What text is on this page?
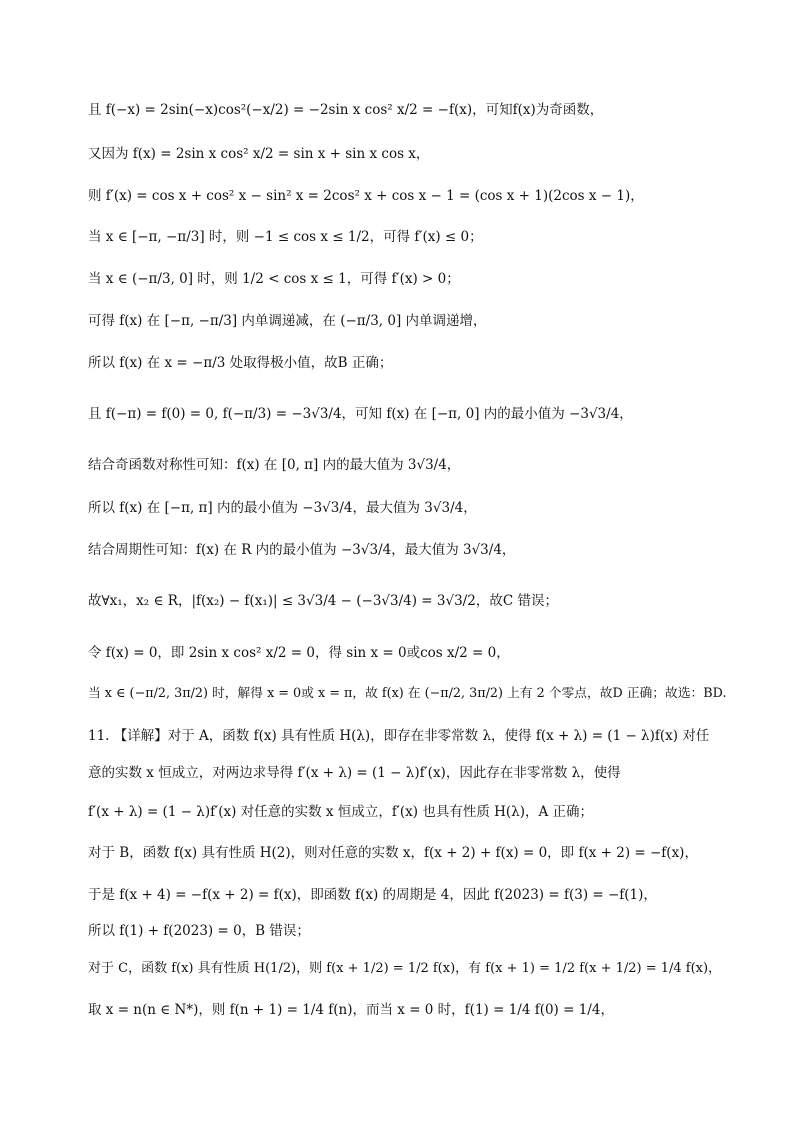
且 f(−x) = 2sin(−x)cos²(−x/2) = −2sin x cos² x/2 = −f(x)，可知f(x)为奇函数，
又因为 f(x) = 2sin x cos² x/2 = sin x + sin x cos x，
则 f′(x) = cos x + cos² x − sin² x = 2cos² x + cos x − 1 = (cos x + 1)(2cos x − 1)，
当 x ∈ [−π, −π/3] 时，则 −1 ≤ cos x ≤ 1/2，可得 f′(x) ≤ 0；
当 x ∈ (−π/3, 0] 时，则 1/2 < cos x ≤ 1，可得 f′(x) > 0；
可得 f(x) 在 [−π, −π/3] 内单调递减，在 (−π/3, 0] 内单调递增，
所以 f(x) 在 x = −π/3 处取得极小值，故B 正确；
且 f(−π) = f(0) = 0, f(−π/3) = −3√3/4，可知 f(x) 在 [−π, 0] 内的最小值为 −3√3/4，
结合奇函数对称性可知：f(x) 在 [0, π] 内的最大值为 3√3/4，
所以 f(x) 在 [−π, π] 内的最小值为 −3√3/4，最大值为 3√3/4，
结合周期性可知：f(x) 在 R 内的最小值为 −3√3/4，最大值为 3√3/4，
故∀x₁，x₂ ∈ R，|f(x₂) − f(x₁)| ≤ 3√3/4 − (−3√3/4) = 3√3/2，故C 错误；
令 f(x) = 0，即 2sin x cos² x/2 = 0，得 sin x = 0或cos x/2 = 0，
当 x ∈ (−π/2, 3π/2) 时，解得 x = 0或 x = π，故 f(x) 在 (−π/2, 3π/2) 上有 2 个零点，故D 正确；故选：BD.
11. 【详解】对于 A，函数 f(x) 具有性质 H(λ)，即存在非零常数 λ，使得 f(x + λ) = (1 − λ)f(x) 对任
意的实数 x 恒成立，对两边求导得 f′(x + λ) = (1 − λ)f′(x)，因此存在非零常数 λ，使得
f′(x + λ) = (1 − λ)f′(x) 对任意的实数 x 恒成立，f′(x) 也具有性质 H(λ)，A 正确；
对于 B，函数 f(x) 具有性质 H(2)，则对任意的实数 x，f(x + 2) + f(x) = 0，即 f(x + 2) = −f(x)，
于是 f(x + 4) = −f(x + 2) = f(x)，即函数 f(x) 的周期是 4，因此 f(2023) = f(3) = −f(1)，
所以 f(1) + f(2023) = 0，B 错误；
对于 C，函数 f(x) 具有性质 H(1/2)，则 f(x + 1/2) = 1/2 f(x)，有 f(x + 1) = 1/2 f(x + 1/2) = 1/4 f(x)，
取 x = n(n ∈ N*)，则 f(n + 1) = 1/4 f(n)，而当 x = 0 时，f(1) = 1/4 f(0) = 1/4，
